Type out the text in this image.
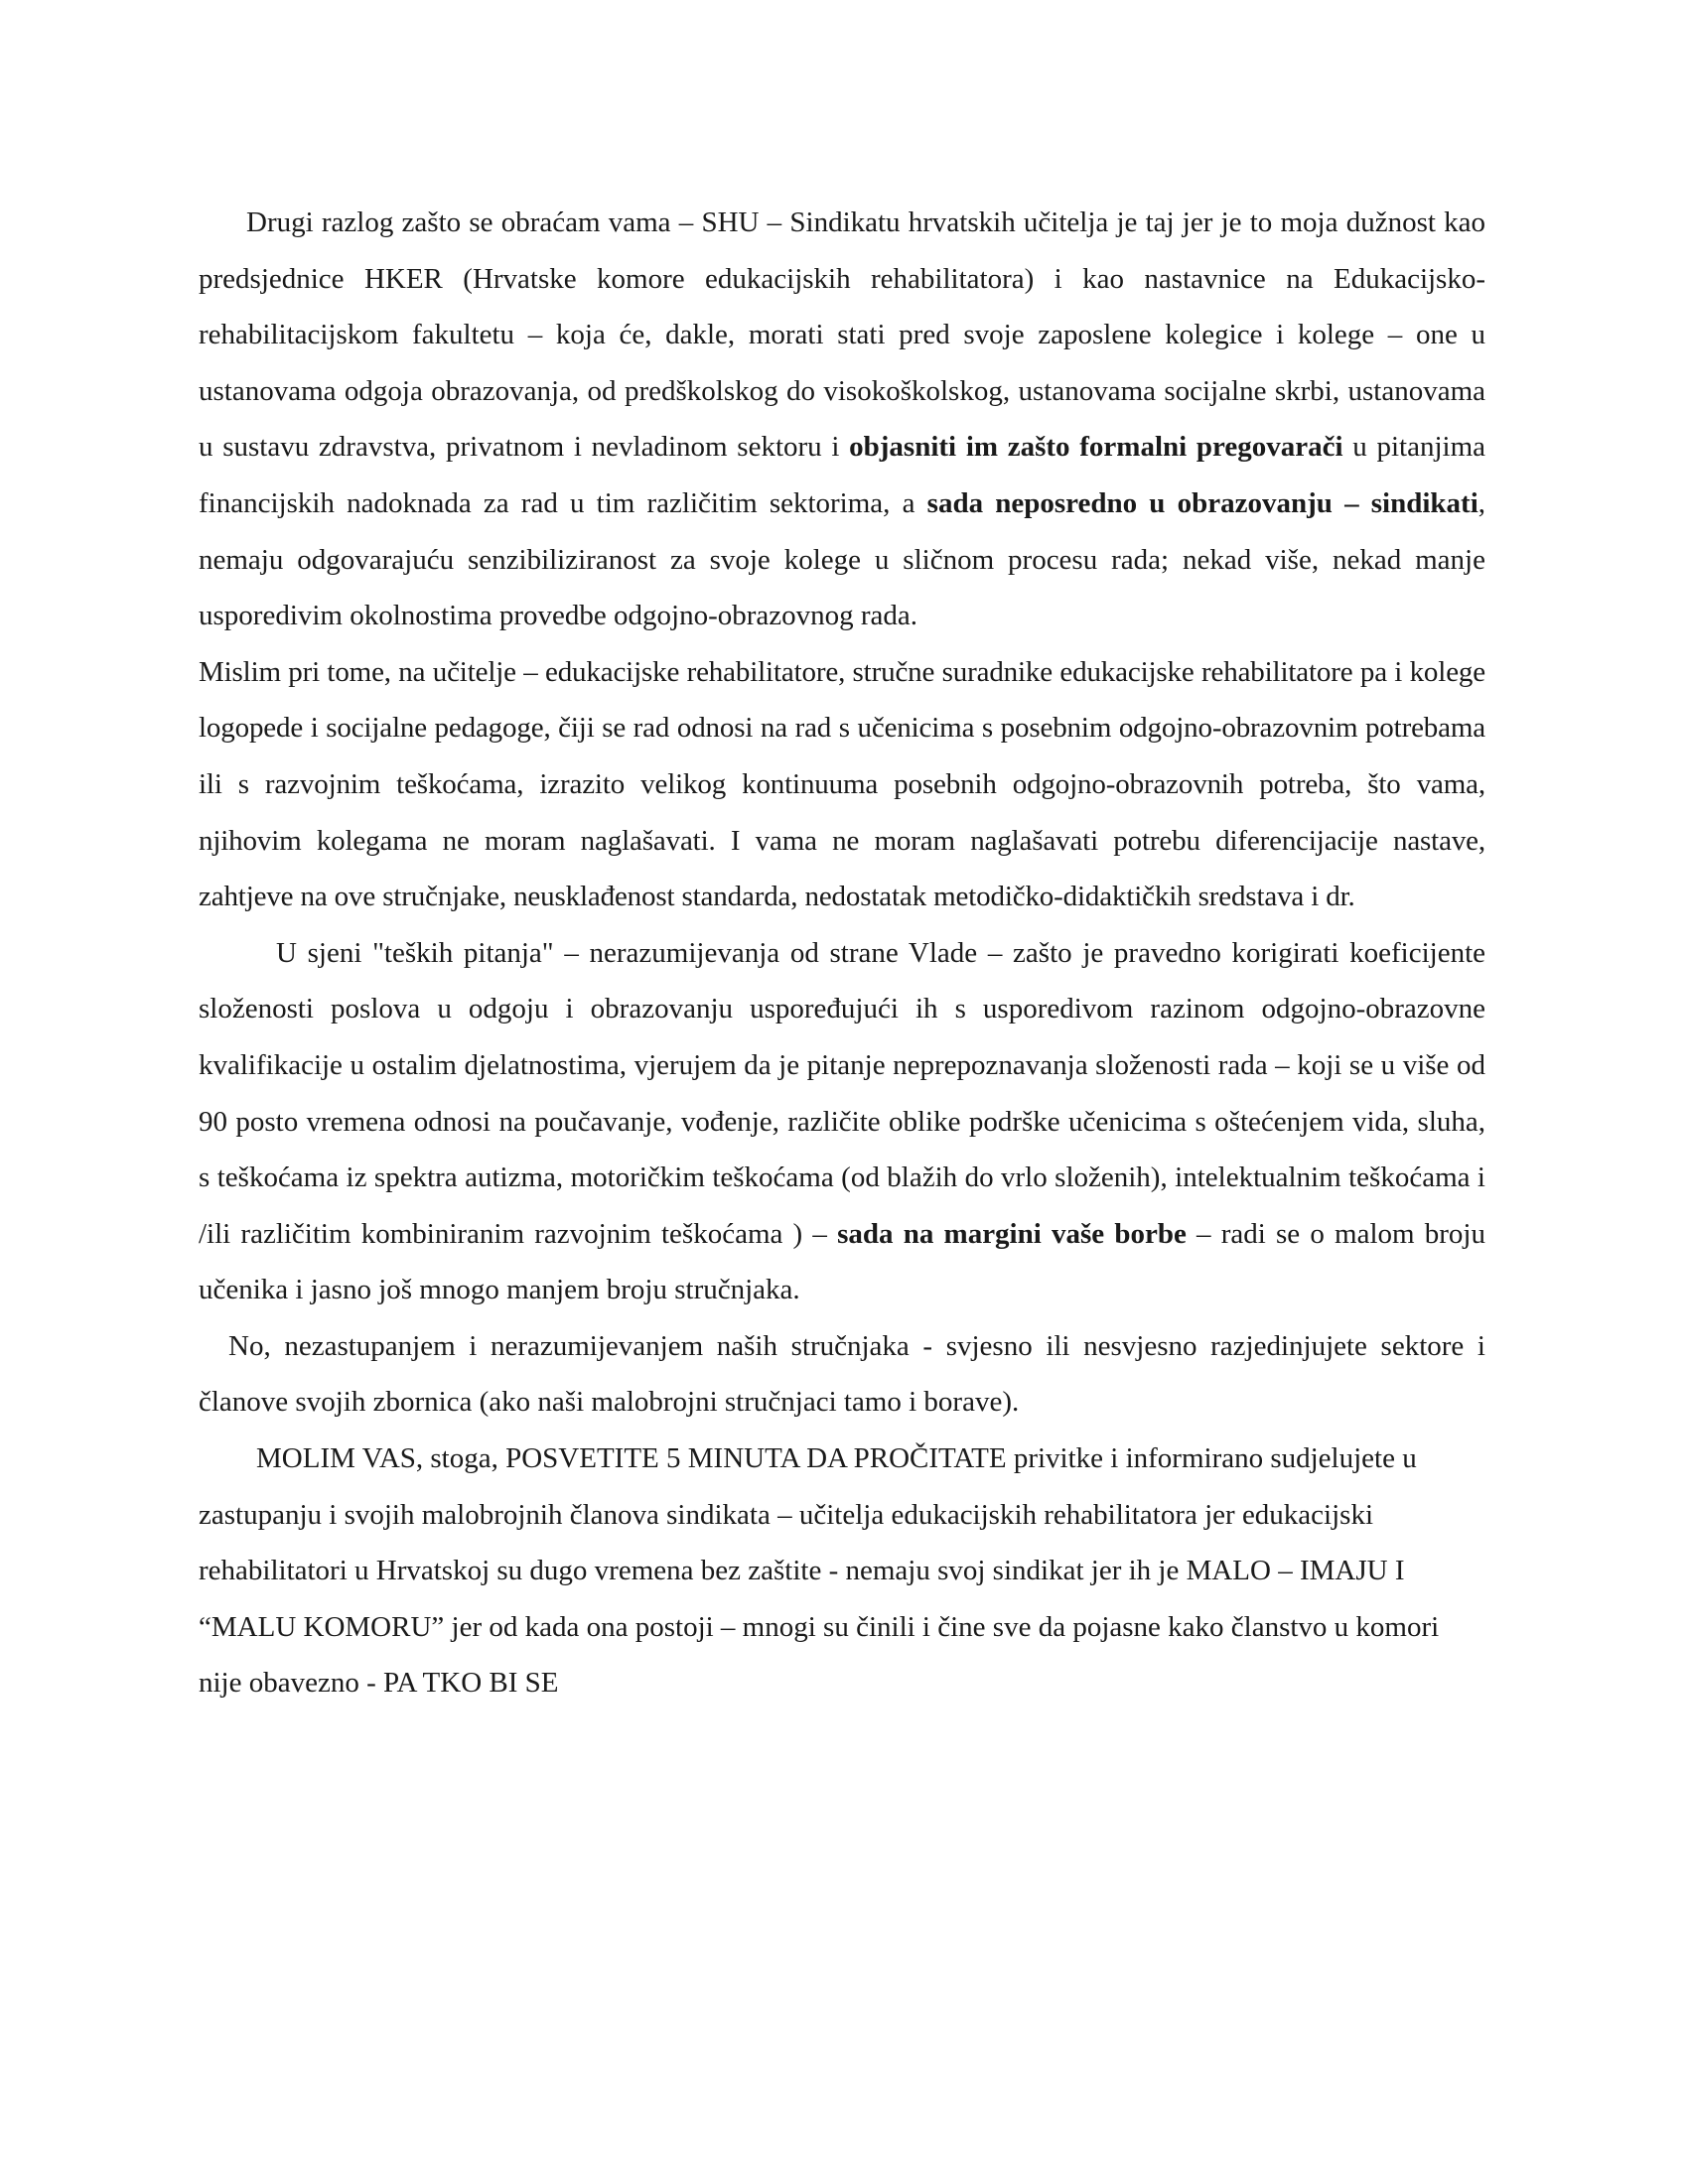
Drugi razlog zašto se obraćam vama – SHU – Sindikatu hrvatskih učitelja je taj jer je to moja dužnost kao predsjednice HKER (Hrvatske komore edukacijskih rehabilitatora) i kao nastavnice na Edukacijsko-rehabilitacijskom fakultetu – koja će, dakle, morati stati pred svoje zaposlene kolegice i kolege – one u ustanovama odgoja obrazovanja, od predškolskog do visokoškolskog, ustanovama socijalne skrbi, ustanovama u sustavu zdravstva, privatnom i nevladinom sektoru i objasniti im zašto formalni pregovarači u pitanjima financijskih nadoknada za rad u tim različitim sektorima, a sada neposredno u obrazovanju – sindikati, nemaju odgovarajuću senzibiliziranost za svoje kolege u sličnom procesu rada; nekad više, nekad manje usporedivim okolnostima provedbe odgojno-obrazovnog rada.

Mislim pri tome, na učitelje – edukacijske rehabilitatore, stručne suradnike edukacijske rehabilitatore pa i kolege logopede i socijalne pedagoge, čiji se rad odnosi na rad s učenicima s posebnim odgojno-obrazovnim potrebama ili s razvojnim teškoćama, izrazito velikog kontinuuma posebnih odgojno-obrazovnih potreba, što vama, njihovim kolegama ne moram naglašavati. I vama ne moram naglašavati potrebu diferencijacije nastave, zahtjeve na ove stručnjake, neusklađenost standarda, nedostatak metodičko-didaktičkih sredstava i dr.

U sjeni "teških pitanja" – nerazumijevanja od strane Vlade – zašto je pravedno korigirati koeficijente složenosti poslova u odgoju i obrazovanju uspoređujući ih s usporedivom razinom odgojno-obrazovne kvalifikacije u ostalim djelatnostima, vjerujem da je pitanje neprepoznavanja složenosti rada – koji se u više od 90 posto vremena odnosi na poučavanje, vođenje, različite oblike podrške učenicima s oštećenjem vida, sluha, s teškoćama iz spektra autizma, motoričkim teškoćama (od blažih do vrlo složenih), intelektualnim teškoćama i /ili različitim kombiniranim razvojnim teškoćama ) – sada na margini vaše borbe – radi se o malom broju učenika i jasno još mnogo manjem broju stručnjaka.

No, nezastupanjem i nerazumijevanjem naših stručnjaka - svjesno ili nesvjesno razjedinjujete sektore i članove svojih zbornica (ako naši malobrojni stručnjaci tamo i borave).

MOLIM VAS, stoga, POSVETITE 5 MINUTA DA PROČITATE privitke i informirano sudjelujete u zastupanju i svojih malobrojnih članova sindikata – učitelja edukacijskih rehabilitatora jer edukacijski rehabilitatori u Hrvatskoj su dugo vremena bez zaštite - nemaju svoj sindikat jer ih je MALO – IMAJU I “MALU KOMORU” jer od kada ona postoji – mnogi su činili i čine sve da pojasne kako članstvo u komori nije obavezno - PA TKO BI SE
